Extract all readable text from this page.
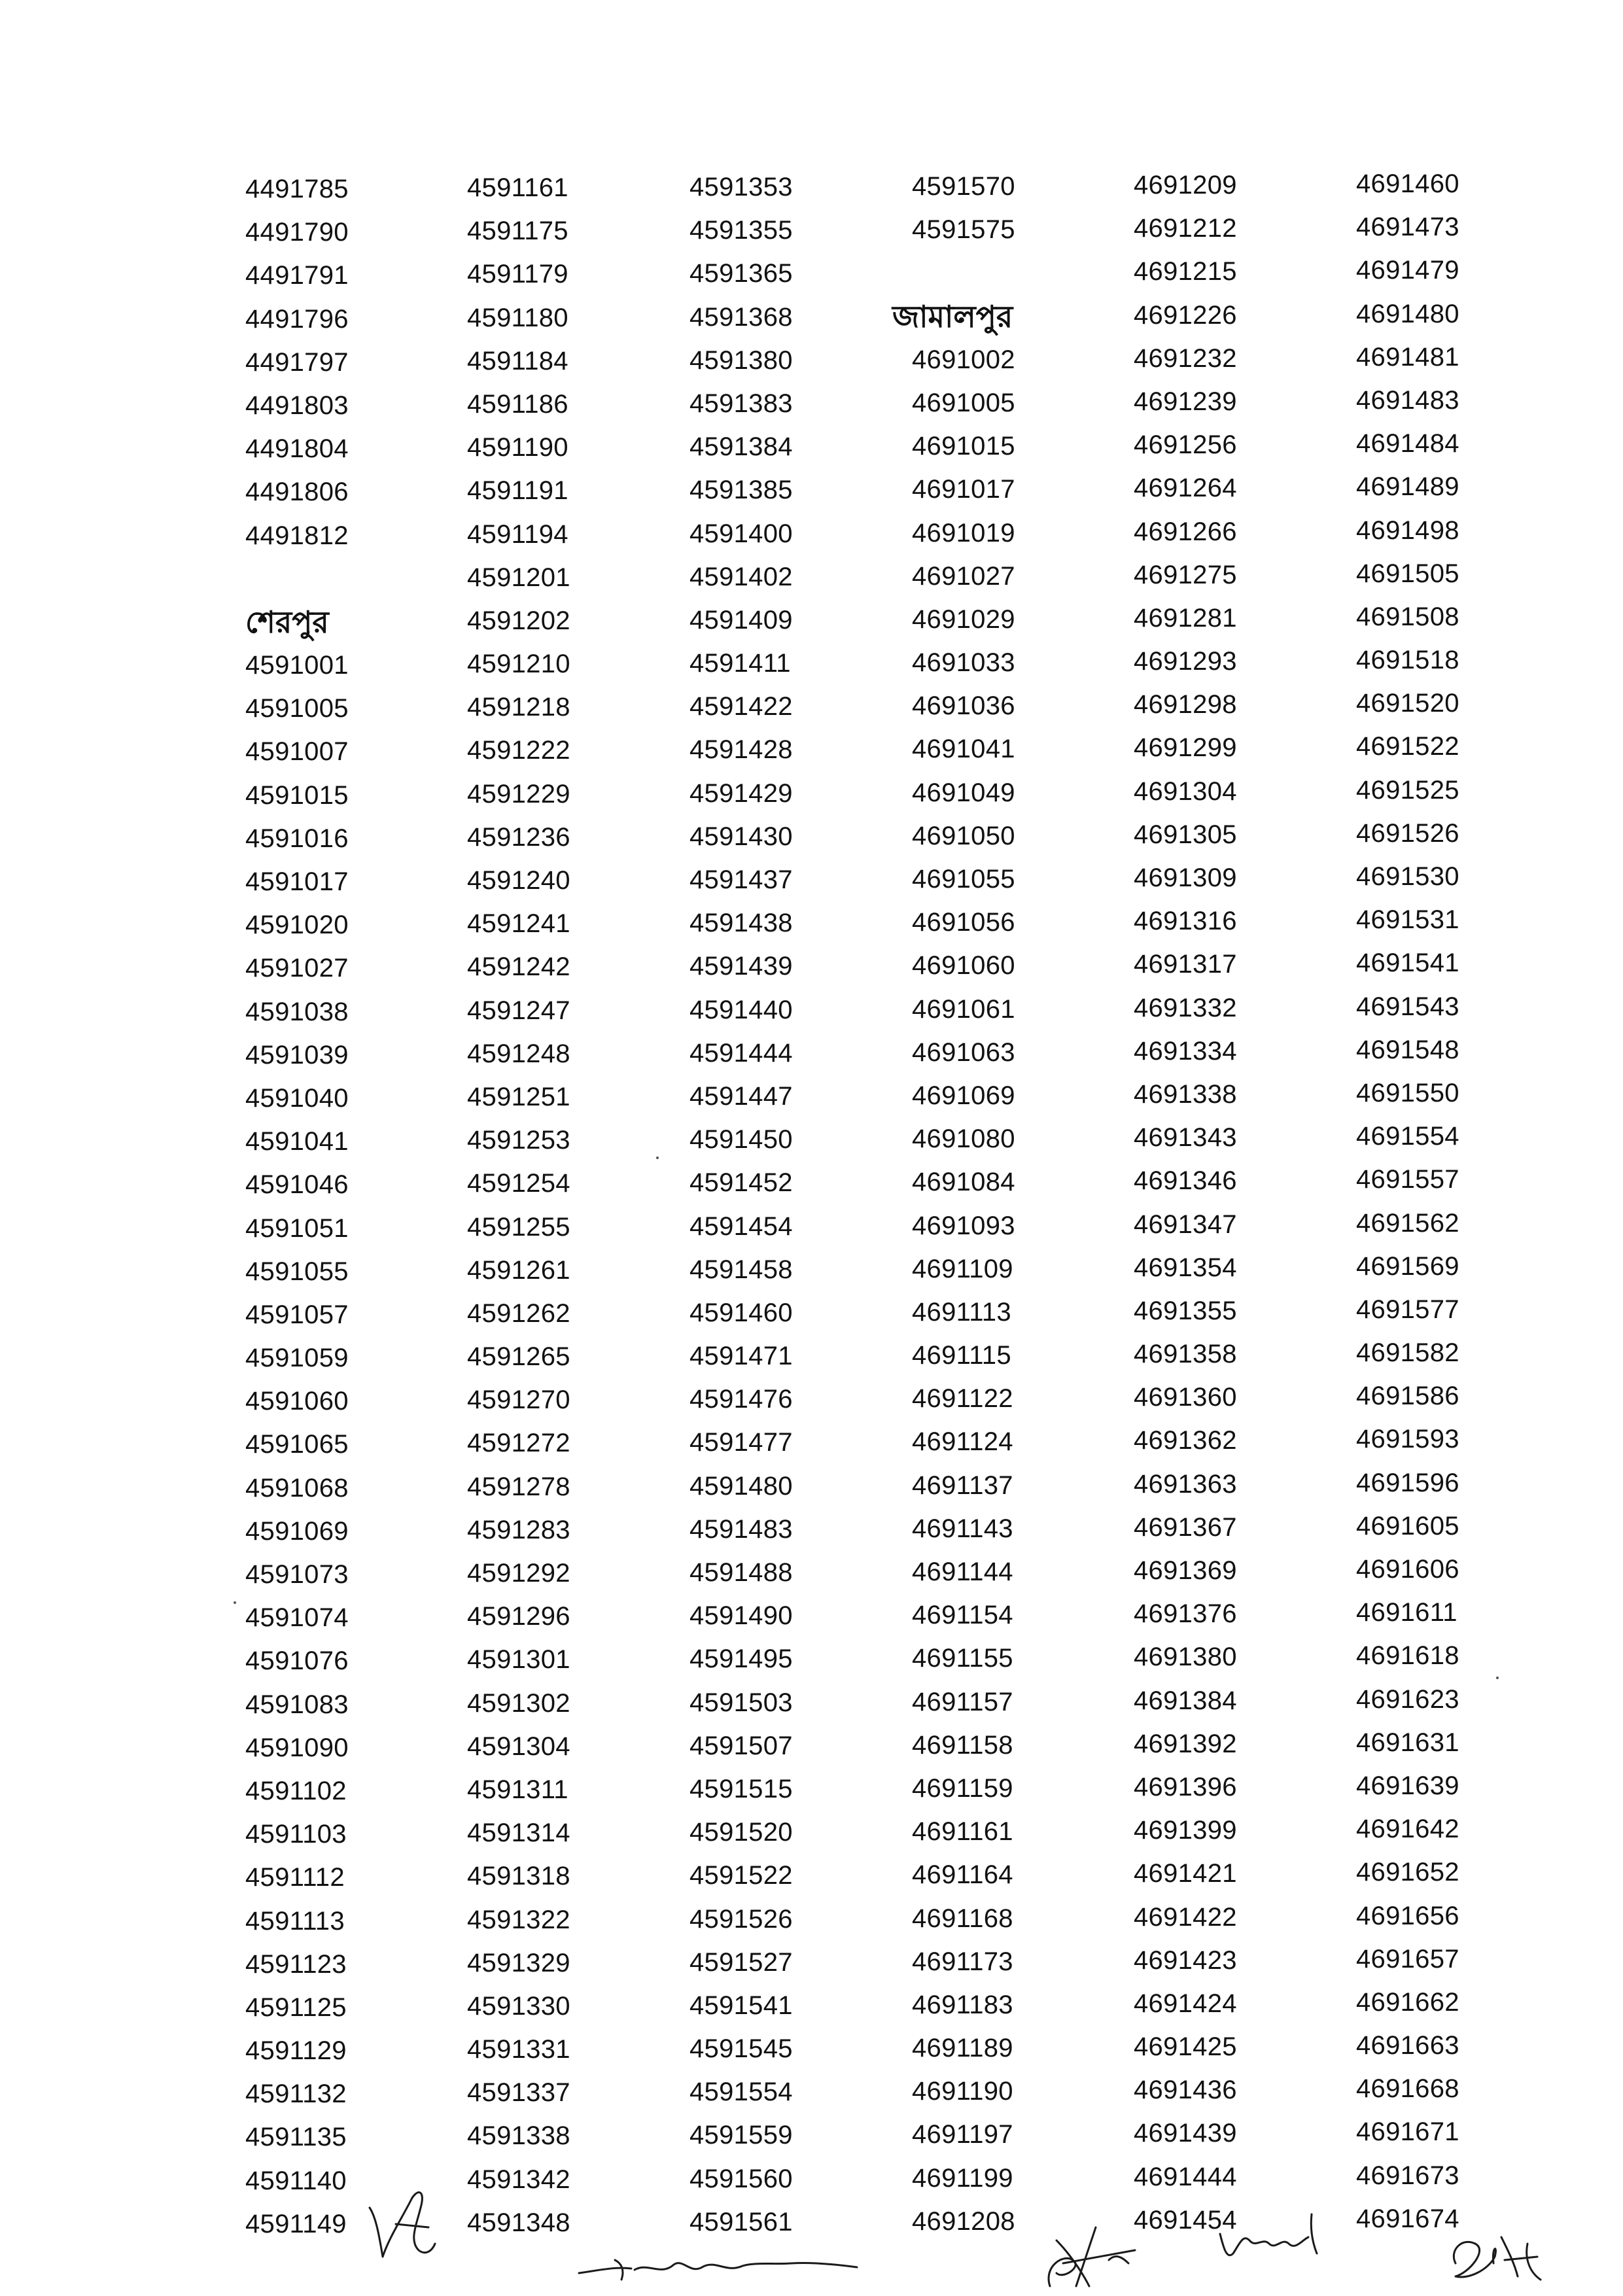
4491785
4491790
4491791
4491796
4491797
4491803
4491804
4491806
4491812
শেরপুর
4591001
4591005
4591007
4591015
4591016
4591017
4591020
4591027
4591038
4591039
4591040
4591041
4591046
4591051
4591055
4591057
4591059
4591060
4591065
4591068
4591069
4591073
4591074
4591076
4591083
4591090
4591102
4591103
4591112
4591113
4591123
4591125
4591129
4591132
4591135
4591140
4591149
4591161
4591175
4591179
4591180
4591184
4591186
4591190
4591191
4591194
4591201
4591202
4591210
4591218
4591222
4591229
4591236
4591240
4591241
4591242
4591247
4591248
4591251
4591253
4591254
4591255
4591261
4591262
4591265
4591270
4591272
4591278
4591283
4591292
4591296
4591301
4591302
4591304
4591311
4591314
4591318
4591322
4591329
4591330
4591331
4591337
4591338
4591342
4591348
4591353
4591355
4591365
4591368
4591380
4591383
4591384
4591385
4591400
4591402
4591409
4591411
4591422
4591428
4591429
4591430
4591437
4591438
4591439
4591440
4591444
4591447
4591450
4591452
4591454
4591458
4591460
4591471
4591476
4591477
4591480
4591483
4591488
4591490
4591495
4591503
4591507
4591515
4591520
4591522
4591526
4591527
4591541
4591545
4591554
4591559
4591560
4591561
4591570
4591575
জামালপুর
4691002
4691005
4691015
4691017
4691019
4691027
4691029
4691033
4691036
4691041
4691049
4691050
4691055
4691056
4691060
4691061
4691063
4691069
4691080
4691084
4691093
4691109
4691113
4691115
4691122
4691124
4691137
4691143
4691144
4691154
4691155
4691157
4691158
4691159
4691161
4691164
4691168
4691173
4691183
4691189
4691190
4691197
4691199
4691208
4691209
4691212
4691215
4691226
4691232
4691239
4691256
4691264
4691266
4691275
4691281
4691293
4691298
4691299
4691304
4691305
4691309
4691316
4691317
4691332
4691334
4691338
4691343
4691346
4691347
4691354
4691355
4691358
4691360
4691362
4691363
4691367
4691369
4691376
4691380
4691384
4691392
4691396
4691399
4691421
4691422
4691423
4691424
4691425
4691436
4691439
4691444
4691454
4691460
4691473
4691479
4691480
4691481
4691483
4691484
4691489
4691498
4691505
4691508
4691518
4691520
4691522
4691525
4691526
4691530
4691531
4691541
4691543
4691548
4691550
4691554
4691557
4691562
4691569
4691577
4691582
4691586
4691593
4691596
4691605
4691606
4691611
4691618
4691623
4691631
4691639
4691642
4691652
4691656
4691657
4691662
4691663
4691668
4691671
4691673
4691674
